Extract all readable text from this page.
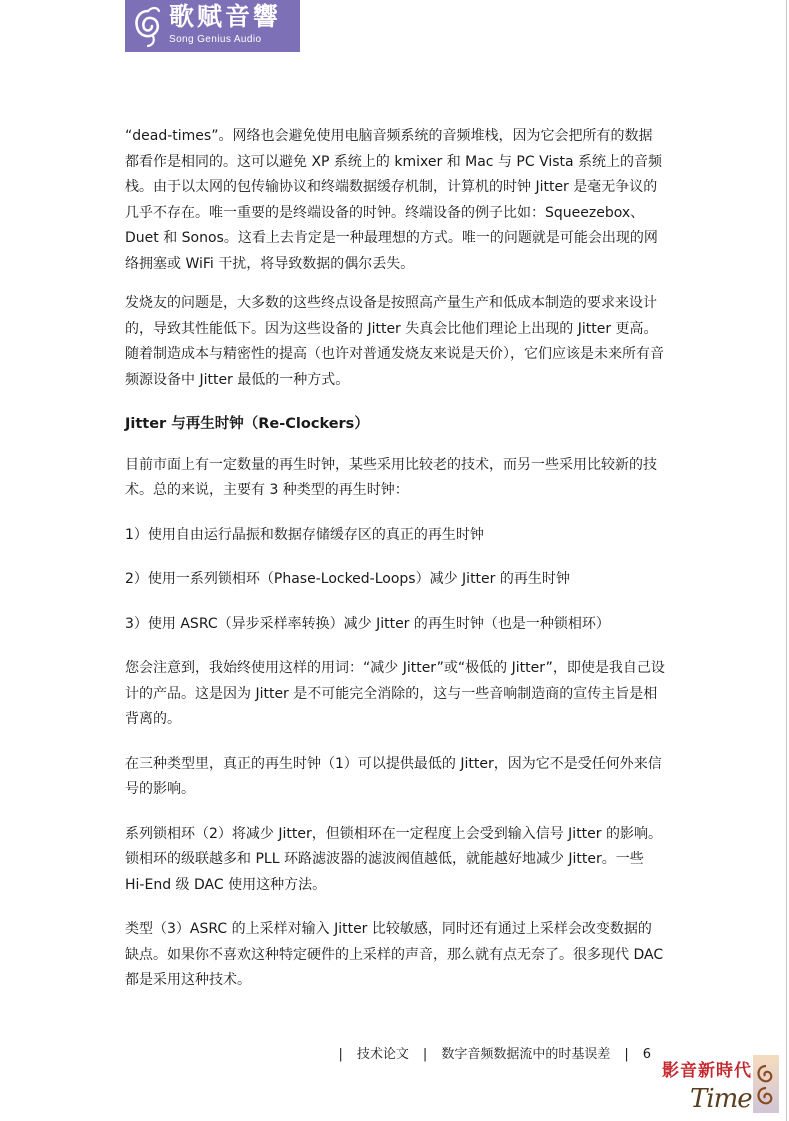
歌赋音響
Song Genius Audio

“dead-times”。网络也会避免使用电脑音频系统的音频堆栈，因为它会把所有的数据都看作是相同的。这可以避免 XP 系统上的 kmixer 和 Mac 与 PC Vista 系统上的音频栈。由于以太网的包传输协议和终端数据缓存机制，计算机的时钟 Jitter 是毫无争议的几乎不存在。唯一重要的是终端设备的时钟。终端设备的例子比如：Squeezebox、Duet 和 Sonos。这看上去肯定是一种最理想的方式。唯一的问题就是可能会出现的网络拥塞或 WiFi 干扰，将导致数据的偶尔丢失。

发烧友的问题是，大多数的这些终点设备是按照高产量生产和低成本制造的要求来设计的，导致其性能低下。因为这些设备的 Jitter 失真会比他们理论上出现的 Jitter 更高。随着制造成本与精密性的提高（也许对普通发烧友来说是天价），它们应该是未来所有音频源设备中 Jitter 最低的一种方式。

Jitter 与再生时钟（Re-Clockers）

目前市面上有一定数量的再生时钟，某些采用比较老的技术，而另一些采用比较新的技术。总的来说，主要有 3 种类型的再生时钟：

1）使用自由运行晶振和数据存储缓存区的真正的再生时钟

2）使用一系列锁相环（Phase-Locked-Loops）减少 Jitter 的再生时钟

3）使用 ASRC（异步采样率转换）减少 Jitter 的再生时钟（也是一种锁相环）

您会注意到，我始终使用这样的用词：“减少 Jitter”或“极低的 Jitter”，即使是我自己设计的产品。这是因为 Jitter 是不可能完全消除的，这与一些音响制造商的宣传主旨是相背离的。

在三种类型里，真正的再生时钟（1）可以提供最低的 Jitter，因为它不是受任何外来信号的影响。

系列锁相环（2）将减少 Jitter，但锁相环在一定程度上会受到输入信号 Jitter 的影响。锁相环的级联越多和 PLL 环路滤波器的滤波阀值越低，就能越好地减少 Jitter。一些 Hi-End 级 DAC 使用这种方法。

类型（3）ASRC 的上采样对输入 Jitter 比较敏感，同时还有通过上采样会改变数据的缺点。如果你不喜欢这种特定硬件的上采样的声音，那么就有点无奈了。很多现代 DAC 都是采用这种技术。

| 技术论文 | 数字音频数据流中的时基误差 | 6
影音新時代
Time
